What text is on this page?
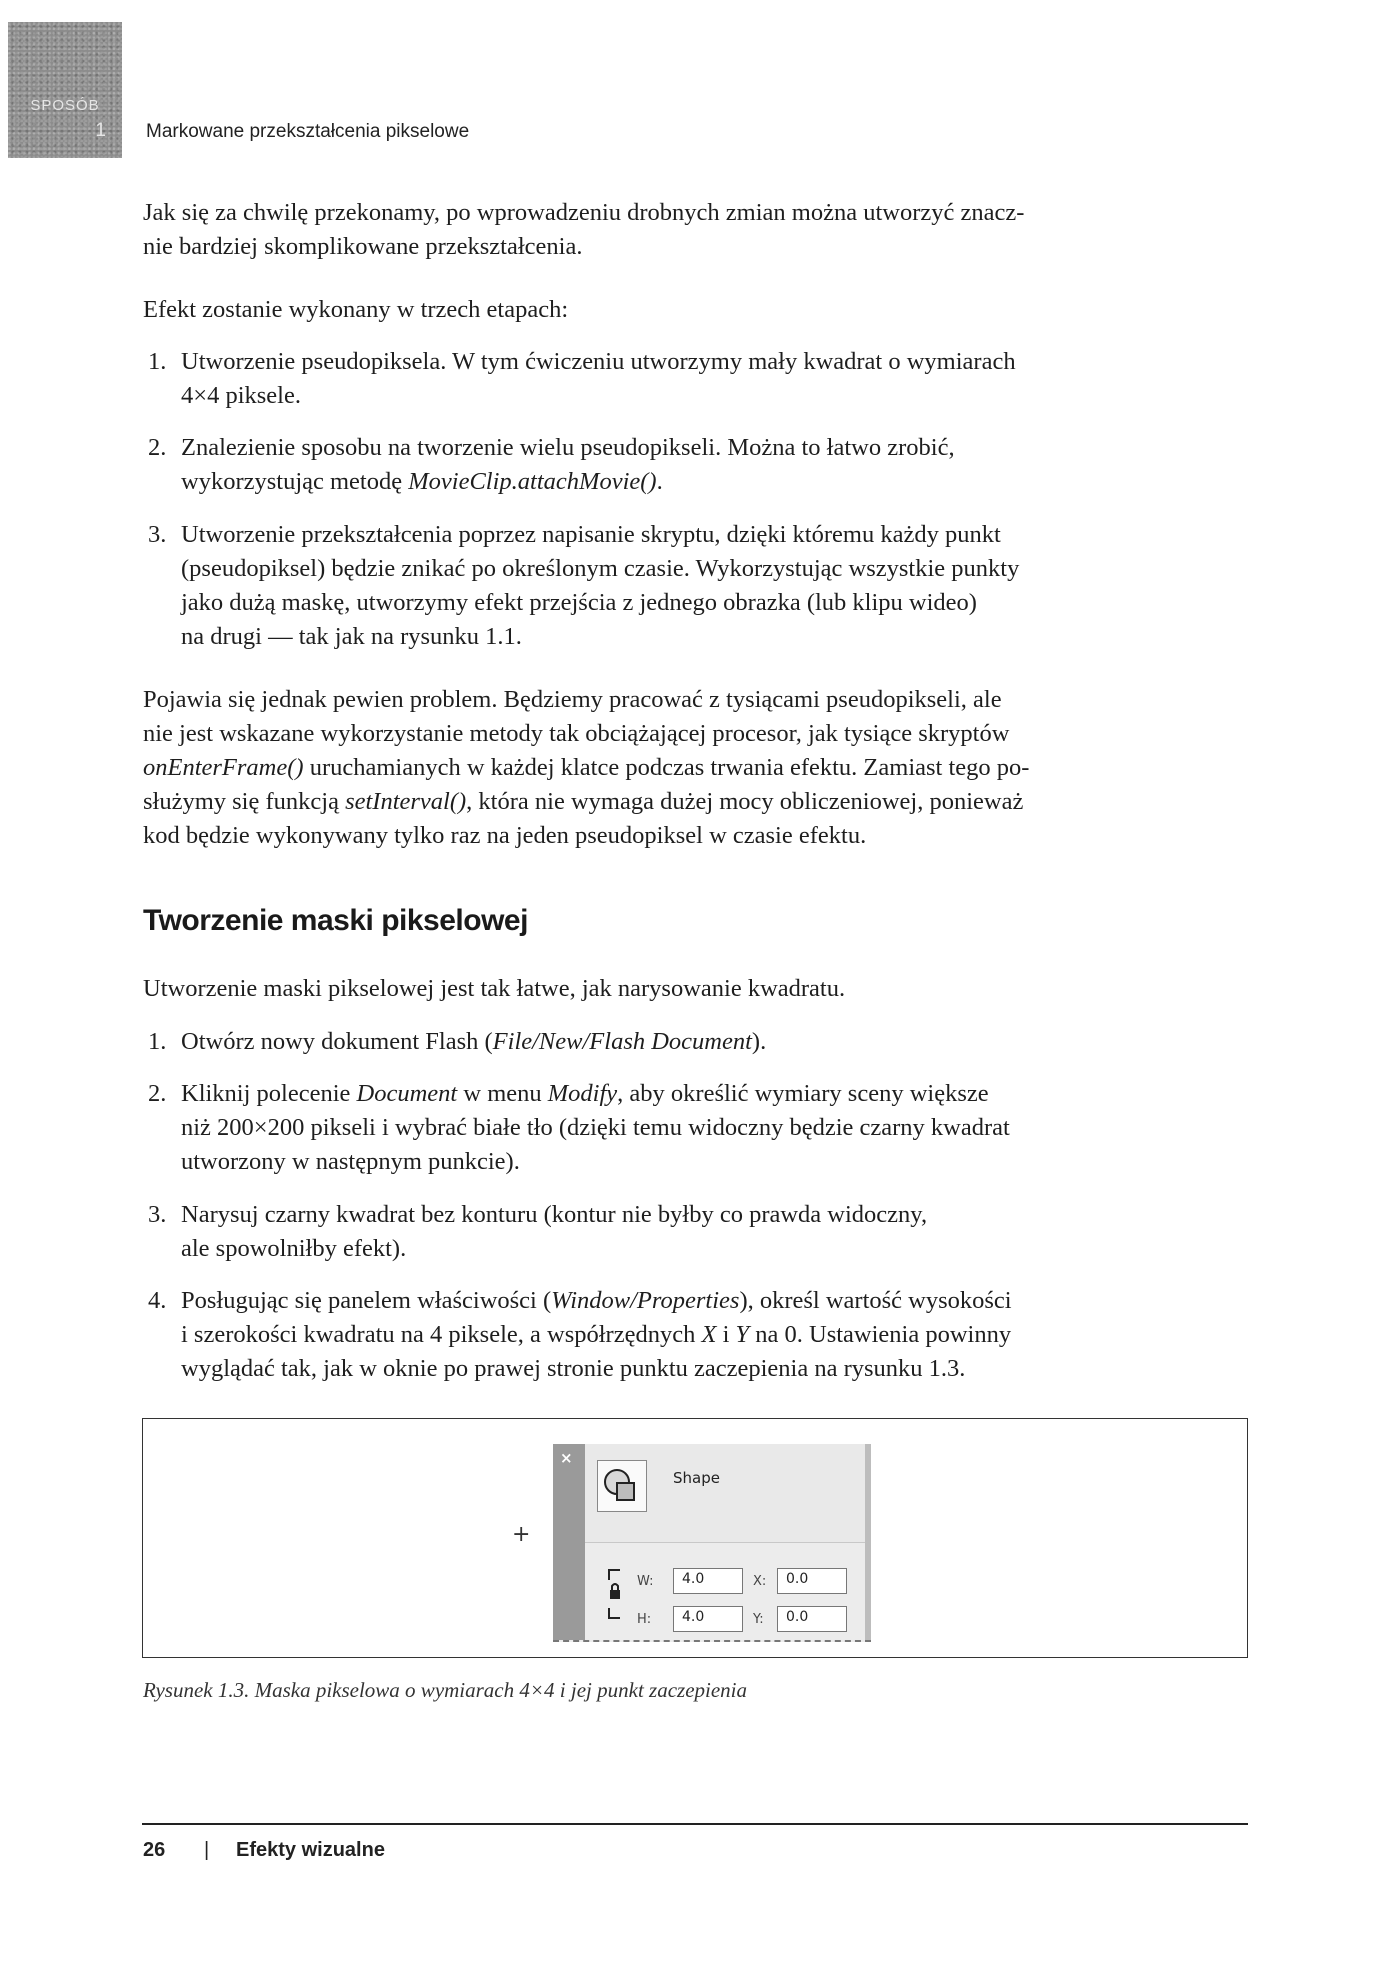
SPOSÓB
1 Markowane przekształcenia pikselowe

Jak się za chwilę przekonamy, po wprowadzeniu drobnych zmian można utworzyć znacz-

nie bardziej skomplikowane przekształcenia.

Efekt zostanie wykonany w trzech etapach:
1. Utworzenie pseudopiksela. W tym ćwiczeniu utworzymy mały kwadrat o wymiarach

4×4 piksele.

2. Znalezienie sposobu na tworzenie wielu pseudopikseli. Można to łatwo zrobić,

wykorzystując metodę MovieClip.attachMovie().

3. Utworzenie przekształcenia poprzez napisanie skryptu, dzięki któremu każdy punkt

(pseudopiksel) będzie znikać po określonym czasie. Wykorzystując wszystkie punkty

jako dużą maskę, utworzymy efekt przejścia z jednego obrazka (lub klipu wideo)

na drugi — tak jak na rysunku 1.1.

Pojawia się jednak pewien problem. Będziemy pracować z tysiącami pseudopikseli, ale

nie jest wskazane wykorzystanie metody tak obciążającej procesor, jak tysiące skryptów

onEnterFrame() uruchamianych w każdej klatce podczas trwania efektu. Zamiast tego po-

służymy się funkcją setInterval(), która nie wymaga dużej mocy obliczeniowej, ponieważ

kod będzie wykonywany tylko raz na jeden pseudopiksel w czasie efektu.

Tworzenie maski pikselowej
Utworzenie maski pikselowej jest tak łatwe, jak narysowanie kwadratu.
1. Otwórz nowy dokument Flash (File/New/Flash Document).

2. Kliknij polecenie Document w menu Modify, aby określić wymiary sceny większe

niż 200×200 pikseli i wybrać białe tło (dzięki temu widoczny będzie czarny kwadrat

utworzony w następnym punkcie).

3. Narysuj czarny kwadrat bez konturu (kontur nie byłby co prawda widoczny,

ale spowolniłby efekt).

4. Posługując się panelem właściwości (Window/Properties), określ wartość wysokości

i szerokości kwadratu na 4 piksele, a współrzędnych X i Y na 0. Ustawienia powinny

wyglądać tak, jak w oknie po prawej stronie punktu zaczepienia na rysunku 1.3.

+
×
Shape
W:	4.0	X:	0.0
H:	4.0	Y:	0.0
Rysunek 1.3. Maska pikselowa o wymiarach 4×4 i jej punkt zaczepienia
26 | Efekty wizualne
